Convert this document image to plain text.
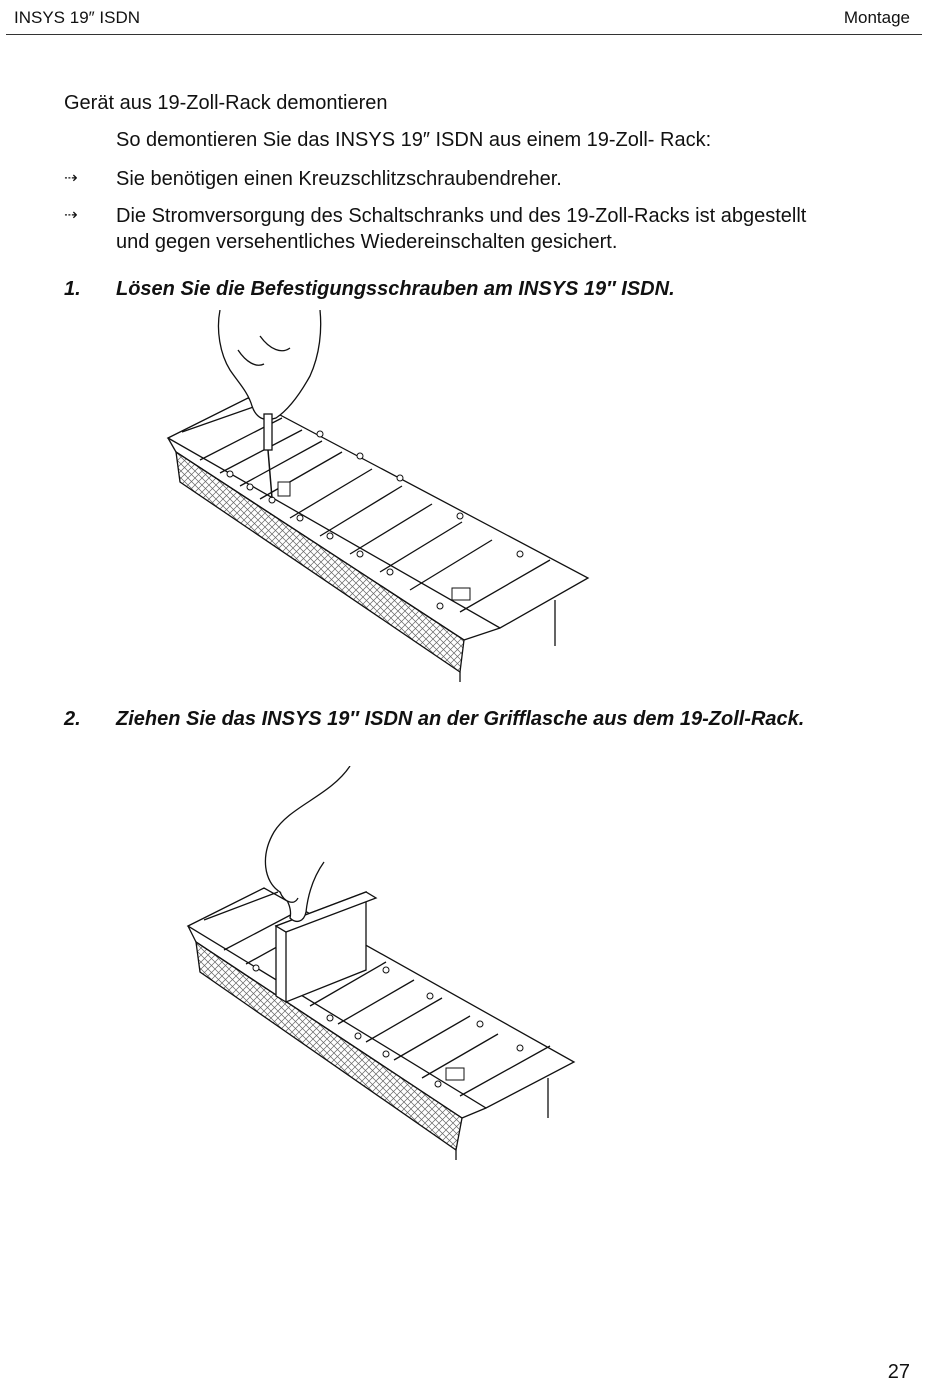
INSYS 19″ ISDN	Montage
Gerät aus 19-Zoll-Rack demontieren
So demontieren Sie das INSYS 19″ ISDN aus einem 19-Zoll- Rack:
⇢	Sie benötigen einen Kreuzschlitzschraubendreher.
⇢	Die Stromversorgung des Schaltschranks und des 19-Zoll-Racks ist abgestellt und gegen versehentliches Wiedereinschalten gesichert.
1. Lösen Sie die Befestigungsschrauben am INSYS 19″ ISDN.
2. Ziehen Sie das INSYS 19″ ISDN an der Grifflasche aus dem 19-Zoll-Rack.
27
